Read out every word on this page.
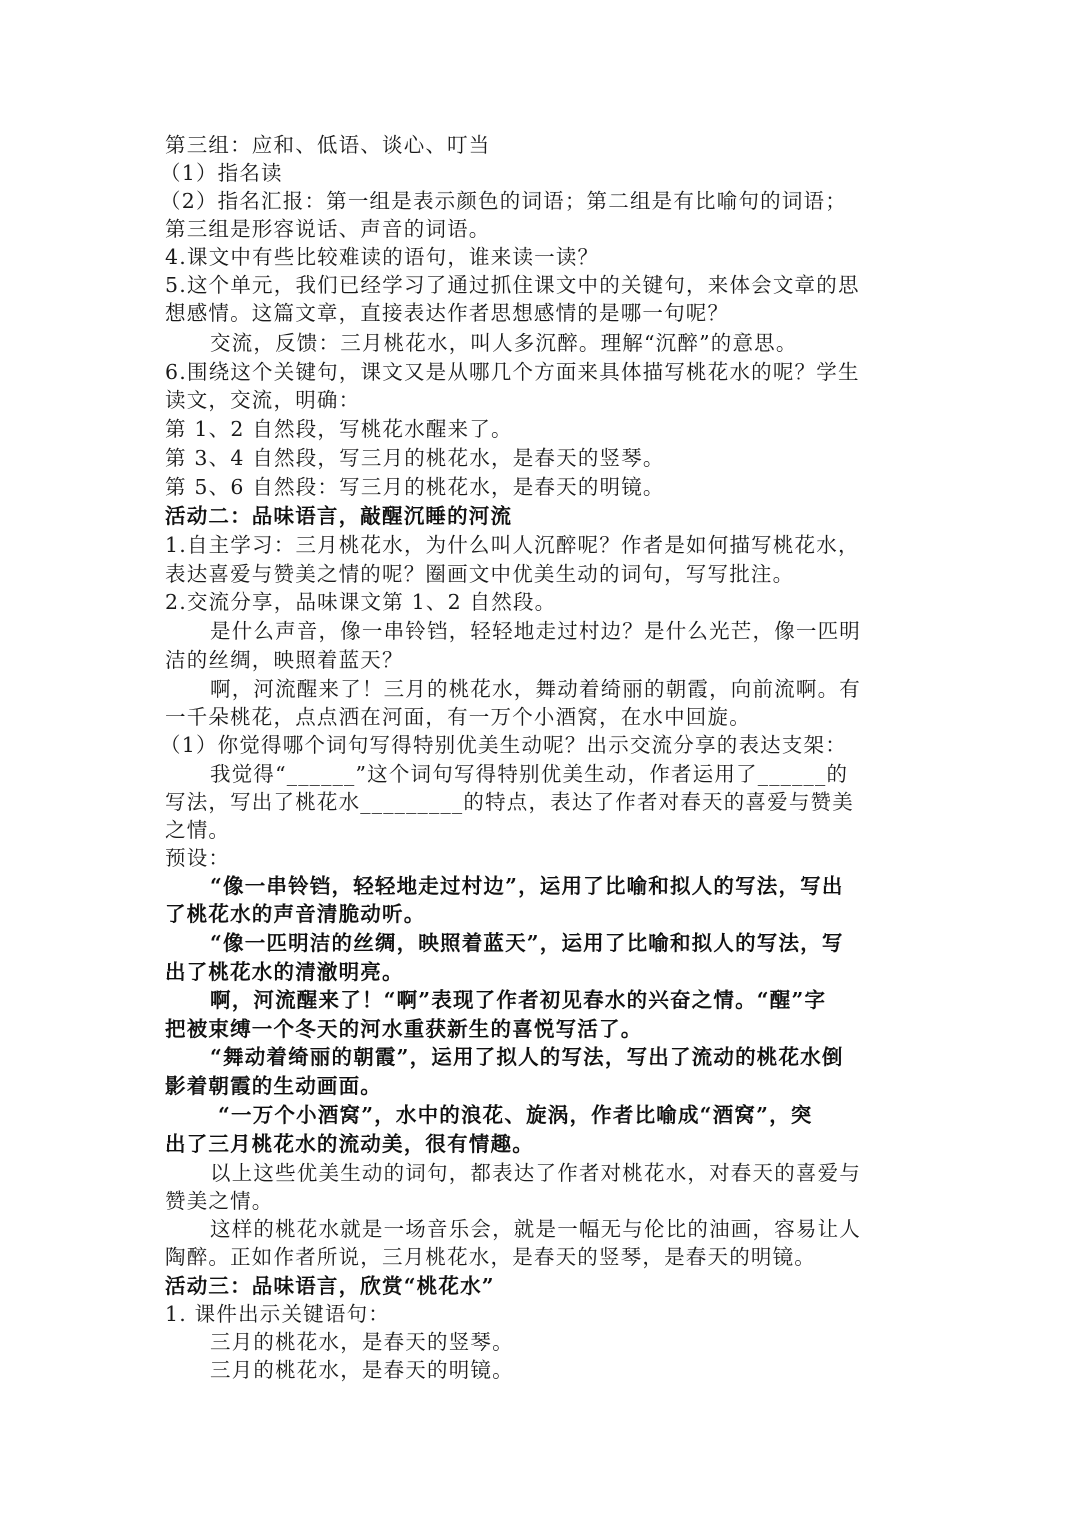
第三组：应和、低语、谈心、叮当
（1）指名读
（2）指名汇报：第一组是表示颜色的词语；第二组是有比喻句的词语；
第三组是形容说话、声音的词语。
4.课文中有些比较难读的语句，谁来读一读？
5.这个单元，我们已经学习了通过抓住课文中的关键句，来体会文章的思
想感情。这篇文章，直接表达作者思想感情的是哪一句呢？
交流，反馈：三月桃花水，叫人多沉醉。理解“沉醉”的意思。
6.围绕这个关键句，课文又是从哪几个方面来具体描写桃花水的呢？学生
读文，交流，明确：
第 1、2 自然段，写桃花水醒来了。
第 3、4 自然段，写三月的桃花水，是春天的竖琴。
第 5、6 自然段：写三月的桃花水，是春天的明镜。
活动二：品味语言，敲醒沉睡的河流
1.自主学习：三月桃花水，为什么叫人沉醉呢？作者是如何描写桃花水，
表达喜爱与赞美之情的呢？圈画文中优美生动的词句，写写批注。
2.交流分享，品味课文第 1、2 自然段。
是什么声音，像一串铃铛，轻轻地走过村边？是什么光芒，像一匹明
洁的丝绸，映照着蓝天？
啊，河流醒来了！三月的桃花水，舞动着绮丽的朝霞，向前流啊。有
一千朵桃花，点点洒在河面，有一万个小酒窝，在水中回旋。
（1）你觉得哪个词句写得特别优美生动呢？出示交流分享的表达支架：
我觉得“______”这个词句写得特别优美生动，作者运用了______的
写法，写出了桃花水_________的特点，表达了作者对春天的喜爱与赞美
之情。
预设：
“像一串铃铛，轻轻地走过村边”，运用了比喻和拟人的写法，写出
了桃花水的声音清脆动听。
“像一匹明洁的丝绸，映照着蓝天”，运用了比喻和拟人的写法，写
出了桃花水的清澈明亮。
啊，河流醒来了！“啊”表现了作者初见春水的兴奋之情。“醒”字
把被束缚一个冬天的河水重获新生的喜悦写活了。
“舞动着绮丽的朝霞”，运用了拟人的写法，写出了流动的桃花水倒
影着朝霞的生动画面。
“一万个小酒窝”，水中的浪花、旋涡，作者比喻成“酒窝”，突
出了三月桃花水的流动美，很有情趣。
以上这些优美生动的词句，都表达了作者对桃花水，对春天的喜爱与
赞美之情。
这样的桃花水就是一场音乐会，就是一幅无与伦比的油画，容易让人
陶醉。正如作者所说，三月桃花水，是春天的竖琴，是春天的明镜。
活动三：品味语言，欣赏“桃花水”
1. 课件出示关键语句：
三月的桃花水，是春天的竖琴。
三月的桃花水，是春天的明镜。
